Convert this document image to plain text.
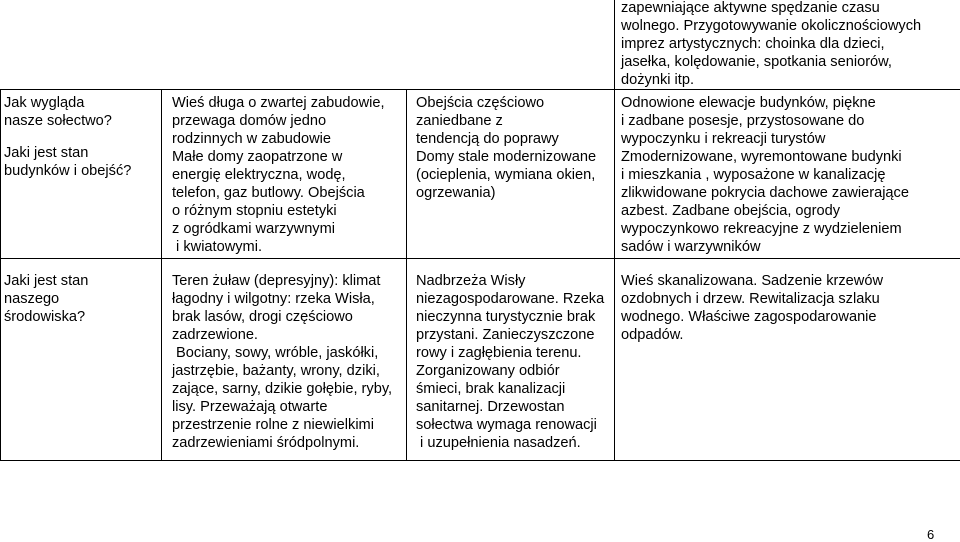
Jak wygląda
nasze sołectwo?
Jaki jest stan
budynków i obejść?
Wieś długa o zwartej zabudowie,
przewaga domów jedno
rodzinnych w zabudowie
Małe domy zaopatrzone w
energię elektryczna, wodę,
telefon, gaz butlowy. Obejścia
o różnym stopniu estetyki
z ogródkami warzywnymi
i kwiatowymi.
Obejścia częściowo
zaniedbane z
tendencją do poprawy
Domy stale modernizowane
(ocieplenia, wymiana okien,
ogrzewania)
zapewniające aktywne spędzanie czasu
wolnego. Przygotowywanie okolicznościowych
imprez artystycznych: choinka dla dzieci,
jasełka, kolędowanie, spotkania seniorów,
dożynki itp.
Odnowione elewacje budynków, piękne
i zadbane posesje, przystosowane do
wypoczynku i rekreacji turystów
Zmodernizowane, wyremontowane budynki
i mieszkania , wyposażone w kanalizację
zlikwidowane pokrycia dachowe zawierające
azbest. Zadbane obejścia, ogrody
wypoczynkowo rekreacyjne z wydzieleniem
sadów i warzywników
Jaki jest stan
naszego
środowiska?
Teren żuław (depresyjny): klimat
łagodny i wilgotny: rzeka Wisła,
brak lasów, drogi częściowo
zadrzewione.
Bociany, sowy, wróble, jaskółki,
jastrzębie, bażanty, wrony, dziki,
zające, sarny, dzikie gołębie, ryby,
lisy. Przeważają otwarte
przestrzenie rolne z niewielkimi
zadrzewieniami śródpolnymi.
Nadbrzeża Wisły
niezagospodarowane. Rzeka
nieczynna turystycznie brak
przystani. Zanieczyszczone
rowy i zagłębienia terenu.
Zorganizowany odbiór
śmieci, brak kanalizacji
sanitarnej. Drzewostan
sołectwa wymaga renowacji
i uzupełnienia nasadzeń.
Wieś skanalizowana. Sadzenie krzewów
ozdobnych i drzew. Rewitalizacja szlaku
wodnego. Właściwe zagospodarowanie
odpadów.
6
